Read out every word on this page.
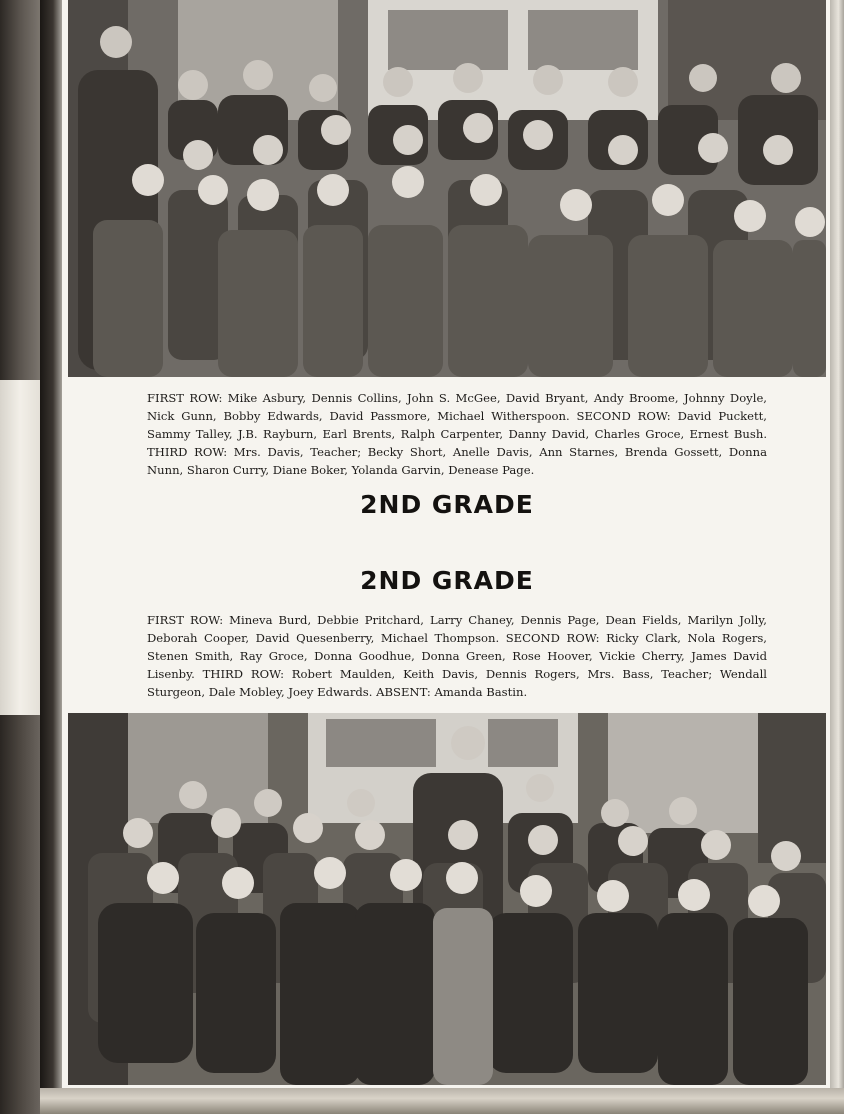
FIRST ROW: Mike Asbury, Dennis Collins, John S. McGee, David Bryant, Andy Broome, Johnny Doyle, Nick Gunn, Bobby Edwards, David Passmore, Michael Witherspoon. SECOND ROW: David Puckett, Sammy Talley, J.B. Rayburn, Earl Brents, Ralph Carpenter, Danny David, Charles Groce, Ernest Bush. THIRD ROW: Mrs. Davis, Teacher; Becky Short, Anelle Davis, Ann Starnes, Brenda Gossett, Donna Nunn, Sharon Curry, Diane Boker, Yolanda Garvin, Denease Page.

2ND GRADE
2ND GRADE

FIRST ROW: Mineva Burd, Debbie Pritchard, Larry Chaney, Dennis Page, Dean Fields, Marilyn Jolly, Deborah Cooper, David Quesenberry, Michael Thompson. SECOND ROW: Ricky Clark, Nola Rogers, Stenen Smith, Ray Groce, Donna Goodhue, Donna Green, Rose Hoover, Vickie Cherry, James David Lisenby. THIRD ROW: Robert Maulden, Keith Davis, Dennis Rogers, Mrs. Bass, Teacher; Wendall Sturgeon, Dale Mobley, Joey Edwards. ABSENT: Amanda Bastin.
